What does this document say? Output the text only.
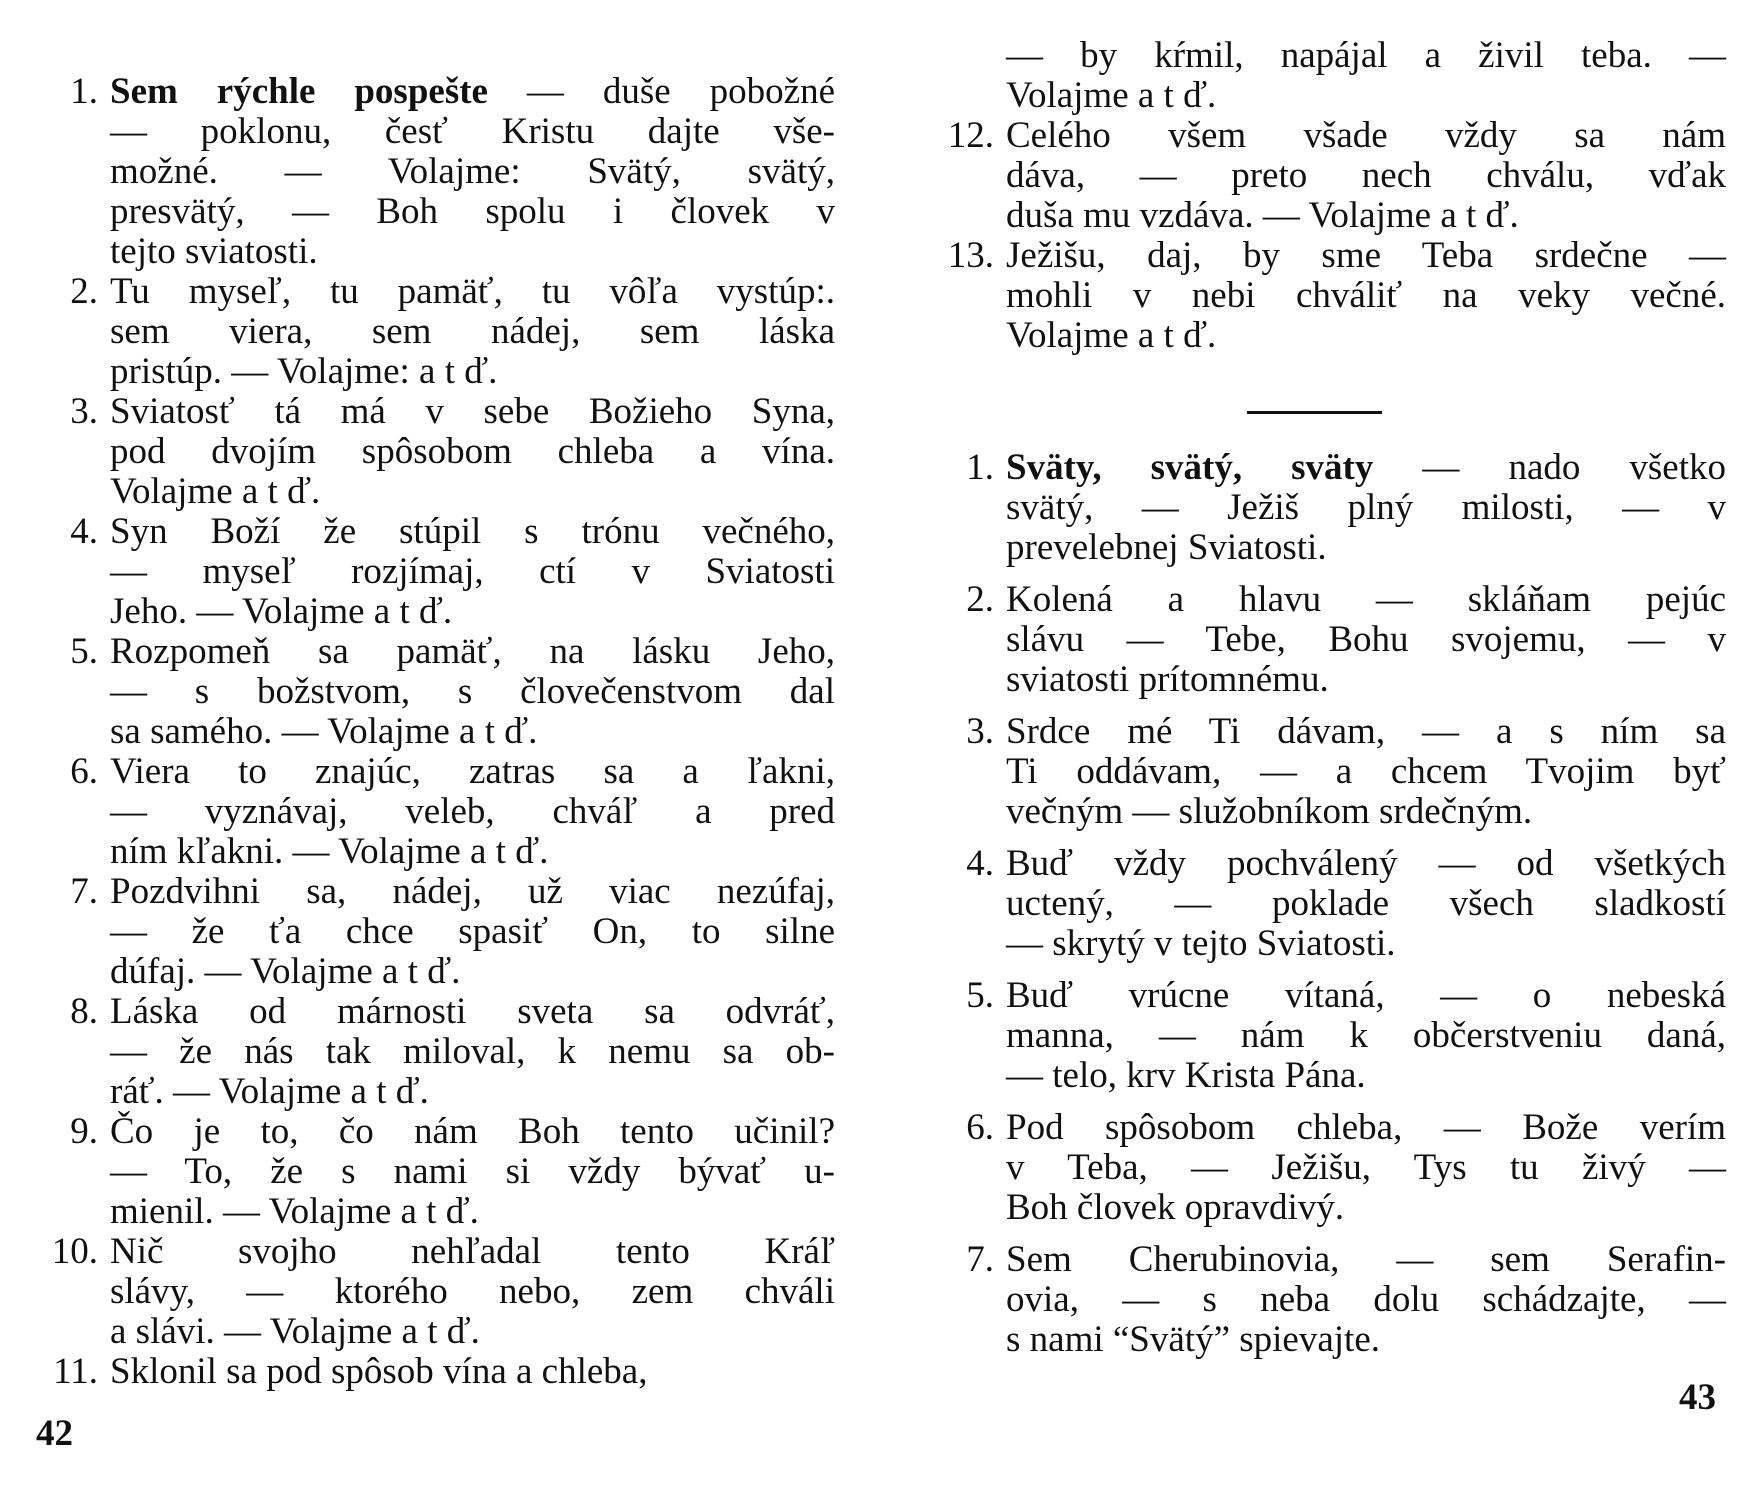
1. Sem rýchle pospešte — duše pobožné
— poklonu, česť Kristu dajte vše-
možné. — Volajme: Svätý, svätý,
presvätý, — Boh spolu i človek v
tejto sviatosti.
2. Tu myseľ, tu pamäť, tu vôľa vystúp:.
sem viera, sem nádej, sem láska
pristúp. — Volajme: a t ď.
3. Sviatosť tá má v sebe Božieho Syna,
pod dvojím spôsobom chleba a vína.
Volajme a t ď.
4. Syn Boží že stúpil s trónu večného,
— myseľ rozjímaj, ctí v Sviatosti
Jeho. — Volajme a t ď.
5. Rozpomeň sa pamäť, na lásku Jeho,
— s božstvom, s človečenstvom dal
sa samého. — Volajme a t ď.
6. Viera to znajúc, zatras sa a ľakni,
— vyznávaj, veleb, chváľ a pred
ním kľakni. — Volajme a t ď.
7. Pozdvihni sa, nádej, už viac nezúfaj,
— že ťa chce spasiť On, to silne
dúfaj. — Volajme a t ď.
8. Láska od márnosti sveta sa odvráť,
— že nás tak miloval, k nemu sa ob-
ráť. — Volajme a t ď.
9. Čo je to, čo nám Boh tento učinil?
— To, že s nami si vždy bývať u-
mienil. — Volajme a t ď.
10. Nič svojho nehľadal tento Kráľ
slávy, — ktorého nebo, zem chváli
a slávi. — Volajme a t ď.
11. Sklonil sa pod spôsob vína a chleba,
42
— by kŕmil, napájal a živil teba. —
Volajme a t ď.
12. Celého všem všade vždy sa nám
dáva, — preto nech chválu, vďak
duša mu vzdáva. — Volajme a t ď.
13. Ježišu, daj, by sme Teba srdečne —
mohli v nebi chváliť na veky večné.
Volajme a t ď.
1. Sväty, svätý, sväty — nado všetko
svätý, — Ježiš plný milosti, — v
prevelebnej Sviatosti.
2. Kolená a hlavu — skláňam pejúc
slávu — Tebe, Bohu svojemu, — v
sviatosti prítomnému.
3. Srdce mé Ti dávam, — a s ním sa
Ti oddávam, — a chcem Tvojim byť
večným — služobníkom srdečným.
4. Buď vždy pochválený — od všetkých
uctený, — poklade všech sladkostí
— skrytý v tejto Sviatosti.
5. Buď vrúcne vítaná, — o nebeská
manna, — nám k občerstveniu daná,
— telo, krv Krista Pána.
6. Pod spôsobom chleba, — Bože verím
v Teba, — Ježišu, Tys tu živý —
Boh človek opravdivý.
7. Sem Cherubinovia, — sem Serafin-
ovia, — s neba dolu schádzajte, —
s nami “Svätý” spievajte.
43
